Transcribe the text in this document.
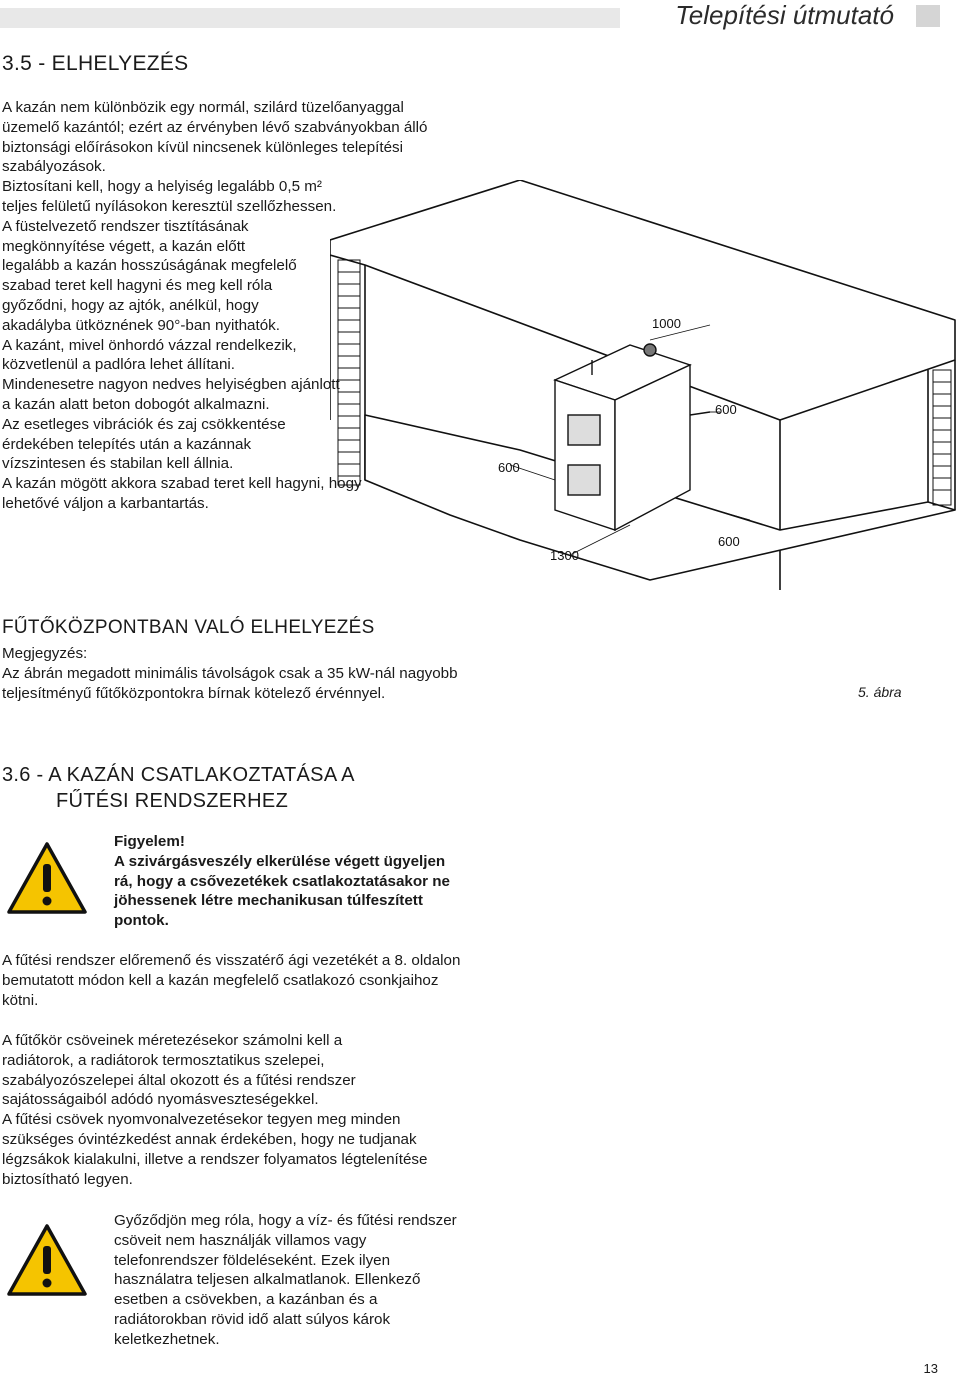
Telepítési útmutató
3.5 - ELHELYEZÉS

A kazán nem különbözik egy normál, szilárd tüzelőanyaggal üzemelő kazántól; ezért az érvényben lévő szabványokban álló biztonsági előírásokon kívül nincsenek különleges telepítési szabályozások.

Biztosítani kell, hogy a helyiség legalább 0,5 m² teljes felületű nyílásokon keresztül szellőzhessen.

A füstelvezető rendszer tisztításának megkönnyítése végett, a kazán előtt legalább a kazán hosszúságának megfelelő szabad teret kell hagyni és meg kell róla győződni, hogy az ajtók, anélkül, hogy akadályba ütköznének 90°-ban nyithatók.

A kazánt, mivel önhordó vázzal rendelkezik, közvetlenül a padlóra lehet állítani.

Mindenesetre nagyon nedves helyiségben ajánlott a kazán alatt beton dobogót alkalmazni.

Az esetleges vibrációk és zaj csökkentése érdekében telepítés után a kazánnak vízszintesen és stabilan kell állnia.

A kazán mögött akkora szabad teret kell hagyni, hogy lehetővé váljon a karbantartás.

1000
600
600
600
1300
FŰTŐKÖZPONTBAN VALÓ ELHELYEZÉS

Megjegyzés:

Az ábrán megadott minimális távolságok csak a 35 kW-nál nagyobb teljesítményű fűtőközpontokra bírnak kötelező érvénnyel.	5. ábra
3.6 - A KAZÁN CSATLAKOZTATÁSA A
FŰTÉSI RENDSZERHEZ

Figyelem!

A szivárgásveszély elkerülése végett ügyeljen rá, hogy a csővezetékek csatlakoztatásakor ne jöhessenek létre mechanikusan túlfeszített pontok.

A fűtési rendszer előremenő és visszatérő ági vezetékét a 8. oldalon bemutatott módon kell a kazán megfelelő csatlakozó csonkjaihoz kötni.

A fűtőkör csöveinek méretezésekor számolni kell a radiátorok, a radiátorok termosztatikus szelepei, szabályozószelepei által okozott és a fűtési rendszer sajátosságaiból adódó nyomásveszteségekkel.

A fűtési csövek nyomvonalvezetésekor tegyen meg minden szükséges óvintézkedést annak érdekében, hogy ne tudjanak légzsákok kialakulni, illetve a rendszer folyamatos légtelenítése biztosítható legyen.

Győződjön meg róla, hogy a víz- és fűtési rendszer csöveit nem használják villamos vagy telefonrendszer földeléseként. Ezek ilyen használatra teljesen alkalmatlanok. Ellenkező esetben a csövekben, a kazánban és a radiátorokban rövid idő alatt súlyos károk keletkezhetnek.
13
